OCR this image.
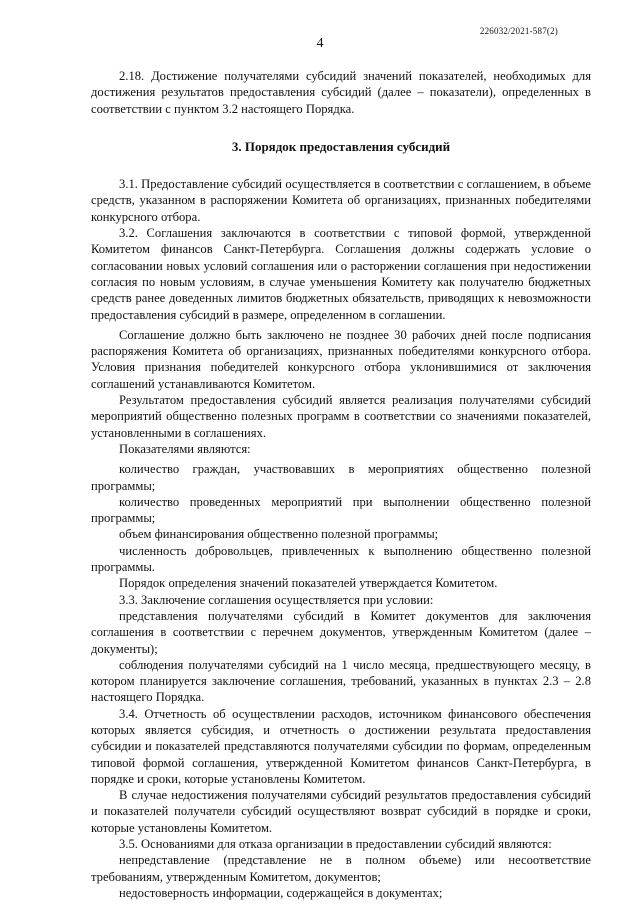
226032/2021-587(2)
4

2.18. Достижение получателями субсидий значений показателей, необходимых для достижения результатов предоставления субсидий (далее – показатели), определенных в соответствии с пунктом 3.2 настоящего Порядка.

3. Порядок предоставления субсидий

3.1. Предоставление субсидий осуществляется в соответствии с соглашением, в объеме средств, указанном в распоряжении Комитета об организациях, признанных победителями конкурсного отбора.

3.2. Соглашения заключаются в соответствии с типовой формой, утвержденной Комитетом финансов Санкт-Петербурга. Соглашения должны содержать условие о согласовании новых условий соглашения или о расторжении соглашения при недостижении согласия по новым условиям, в случае уменьшения Комитету как получателю бюджетных средств ранее доведенных лимитов бюджетных обязательств, приводящих к невозможности предоставления субсидий в размере, определенном в соглашении.

Соглашение должно быть заключено не позднее 30 рабочих дней после подписания распоряжения Комитета об организациях, признанных победителями конкурсного отбора. Условия признания победителей конкурсного отбора уклонившимися от заключения соглашений устанавливаются Комитетом.

Результатом предоставления субсидий является реализация получателями субсидий мероприятий общественно полезных программ в соответствии со значениями показателей, установленными в соглашениях.

Показателями являются:

количество граждан, участвовавших в мероприятиях общественно полезной программы;

количество проведенных мероприятий при выполнении общественно полезной программы;

объем финансирования общественно полезной программы;

численность добровольцев, привлеченных к выполнению общественно полезной программы.

Порядок определения значений показателей утверждается Комитетом.

3.3. Заключение соглашения осуществляется при условии:

представления получателями субсидий в Комитет документов для заключения соглашения в соответствии с перечнем документов, утвержденным Комитетом (далее – документы);

соблюдения получателями субсидий на 1 число месяца, предшествующего месяцу, в котором планируется заключение соглашения, требований, указанных в пунктах 2.3 – 2.8 настоящего Порядка.

3.4. Отчетность об осуществлении расходов, источником финансового обеспечения которых является субсидия, и отчетность о достижении результата предоставления субсидии и показателей представляются получателями субсидии по формам, определенным типовой формой соглашения, утвержденной Комитетом финансов Санкт-Петербурга, в порядке и сроки, которые установлены Комитетом.

В случае недостижения получателями субсидий результатов предоставления субсидий и показателей получатели субсидий осуществляют возврат субсидий в порядке и сроки, которые установлены Комитетом.

3.5. Основаниями для отказа организации в предоставлении субсидий являются:

непредставление (представление не в полном объеме) или несоответствие требованиям, утвержденным Комитетом, документов;

недостоверность информации, содержащейся в документах;
